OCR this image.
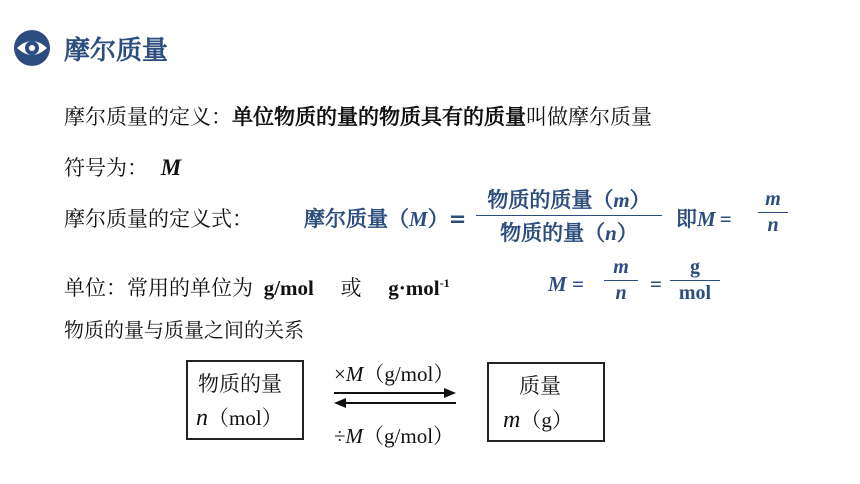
摩尔质量
摩尔质量的定义：单位物质的量的物质具有的质量叫做摩尔质量
符号为： M
摩尔质量的定义式： 摩尔质量（M）=
物质的质量（m）
物质的量（n）
即M =
m
n
单位：常用的单位为 g/mol 或 g·mol$^{-1}$	M =
m
n	=
g
mol
物质的量与质量之间的关系
物质的量
n（mol）
质量
m（g）
×M（g/mol）
÷M（g/mol）
